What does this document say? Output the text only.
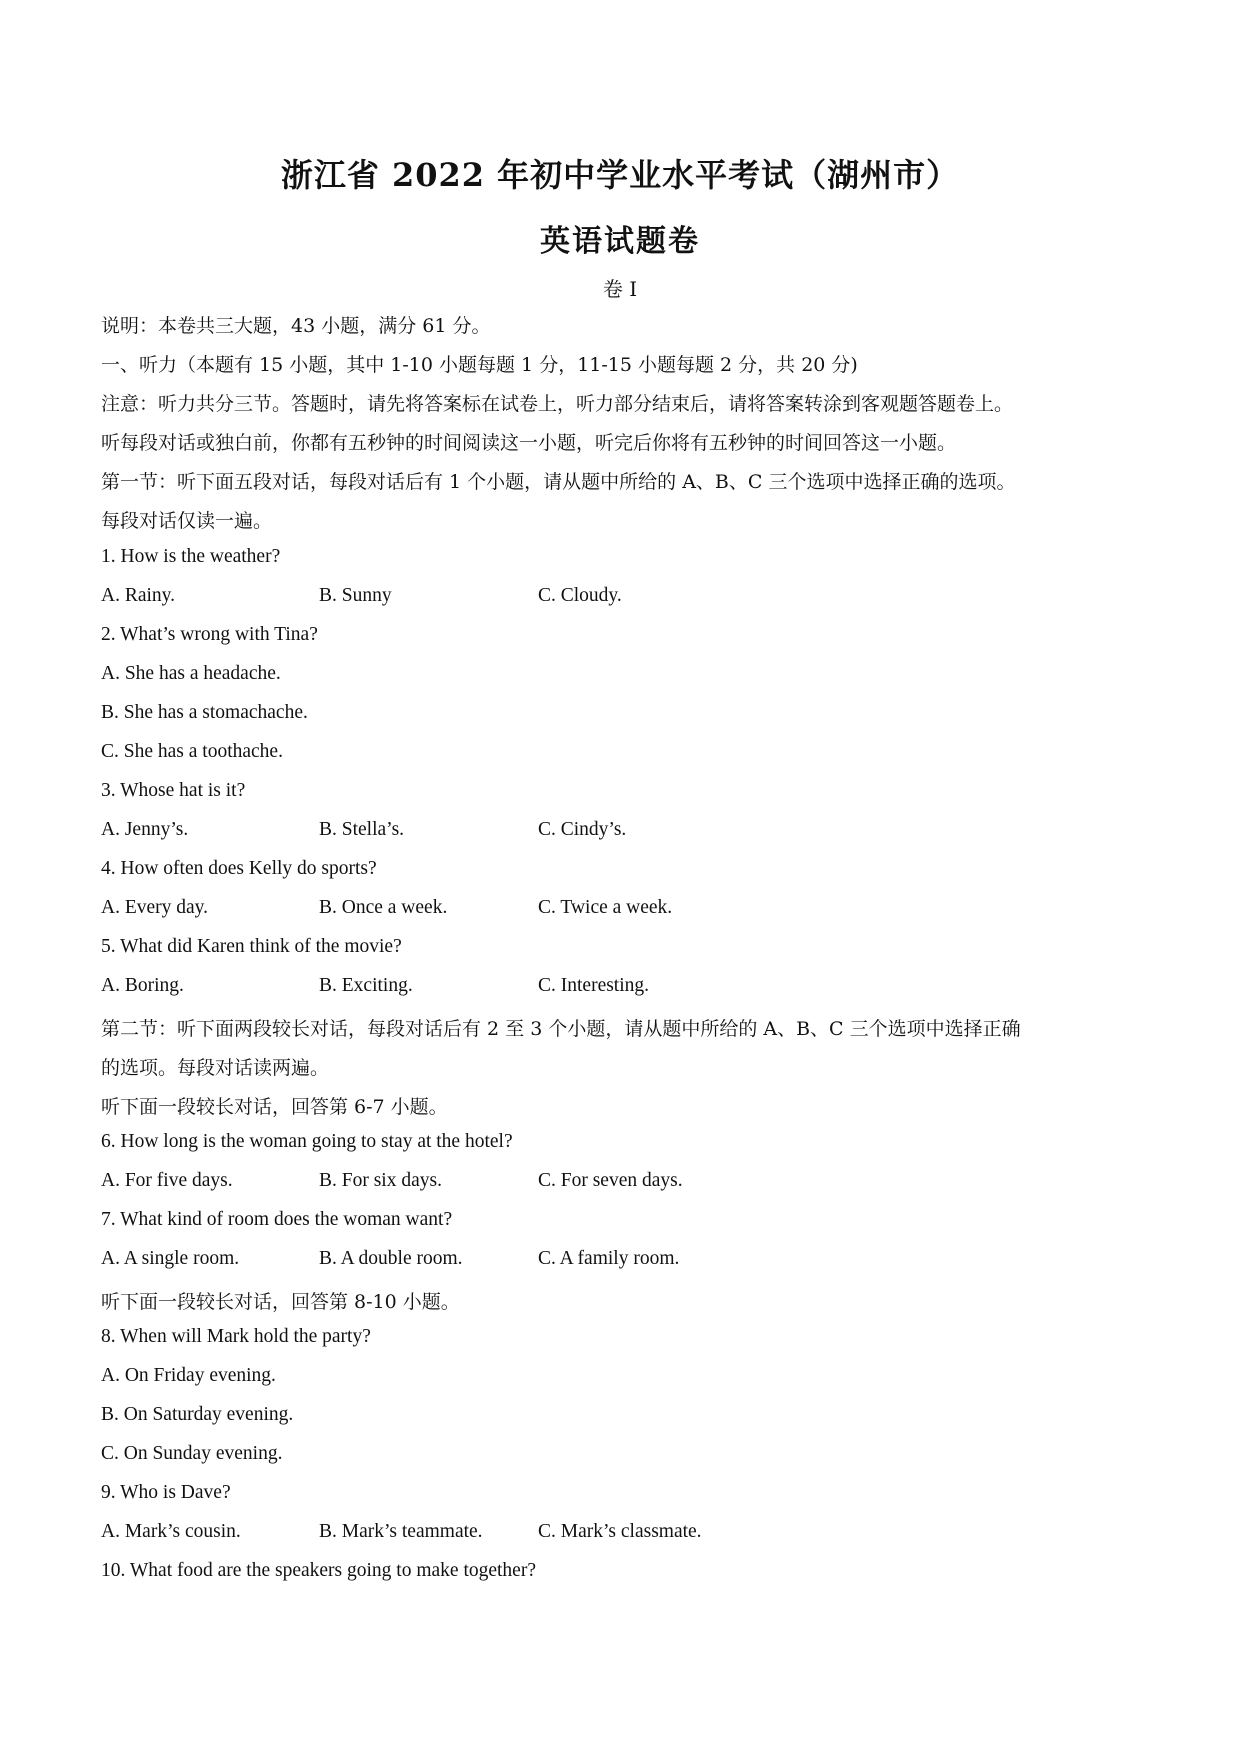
浙江省 2022 年初中学业水平考试（湖州市）
英语试题卷
卷 I
说明：本卷共三大题，43 小题，满分 61 分。
一、听力（本题有 15 小题，其中 1-10 小题每题 1 分，11-15 小题每题 2 分，共 20 分)
注意：听力共分三节。答题时，请先将答案标在试卷上，听力部分结束后，请将答案转涂到客观题答题卷上。
听每段对话或独白前，你都有五秒钟的时间阅读这一小题，听完后你将有五秒钟的时间回答这一小题。
第一节：听下面五段对话，每段对话后有 1 个小题，请从题中所给的 A、B、C 三个选项中选择正确的选项。
每段对话仅读一遍。
1. How is the weather?
A. Rainy.	B. Sunny	C. Cloudy.
2. What’s wrong with Tina?
A. She has a headache.
B. She has a stomachache.
C. She has a toothache.
3. Whose hat is it?
A. Jenny’s.	B. Stella’s.	C. Cindy’s.
4. How often does Kelly do sports?
A. Every day.	B. Once a week.	C. Twice a week.
5. What did Karen think of the movie?
A. Boring.	B. Exciting.	C. Interesting.
第二节：听下面两段较长对话，每段对话后有 2 至 3 个小题，请从题中所给的 A、B、C 三个选项中选择正确
的选项。每段对话读两遍。
听下面一段较长对话，回答第 6-7 小题。
6. How long is the woman going to stay at the hotel?
A. For five days.	B. For six days.	C. For seven days.
7. What kind of room does the woman want?
A. A single room.	B. A double room.	C. A family room.
听下面一段较长对话，回答第 8-10 小题。
8. When will Mark hold the party?
A. On Friday evening.
B. On Saturday evening.
C. On Sunday evening.
9. Who is Dave?
A. Mark’s cousin.	B. Mark’s teammate.	C. Mark’s classmate.
10. What food are the speakers going to make together?
